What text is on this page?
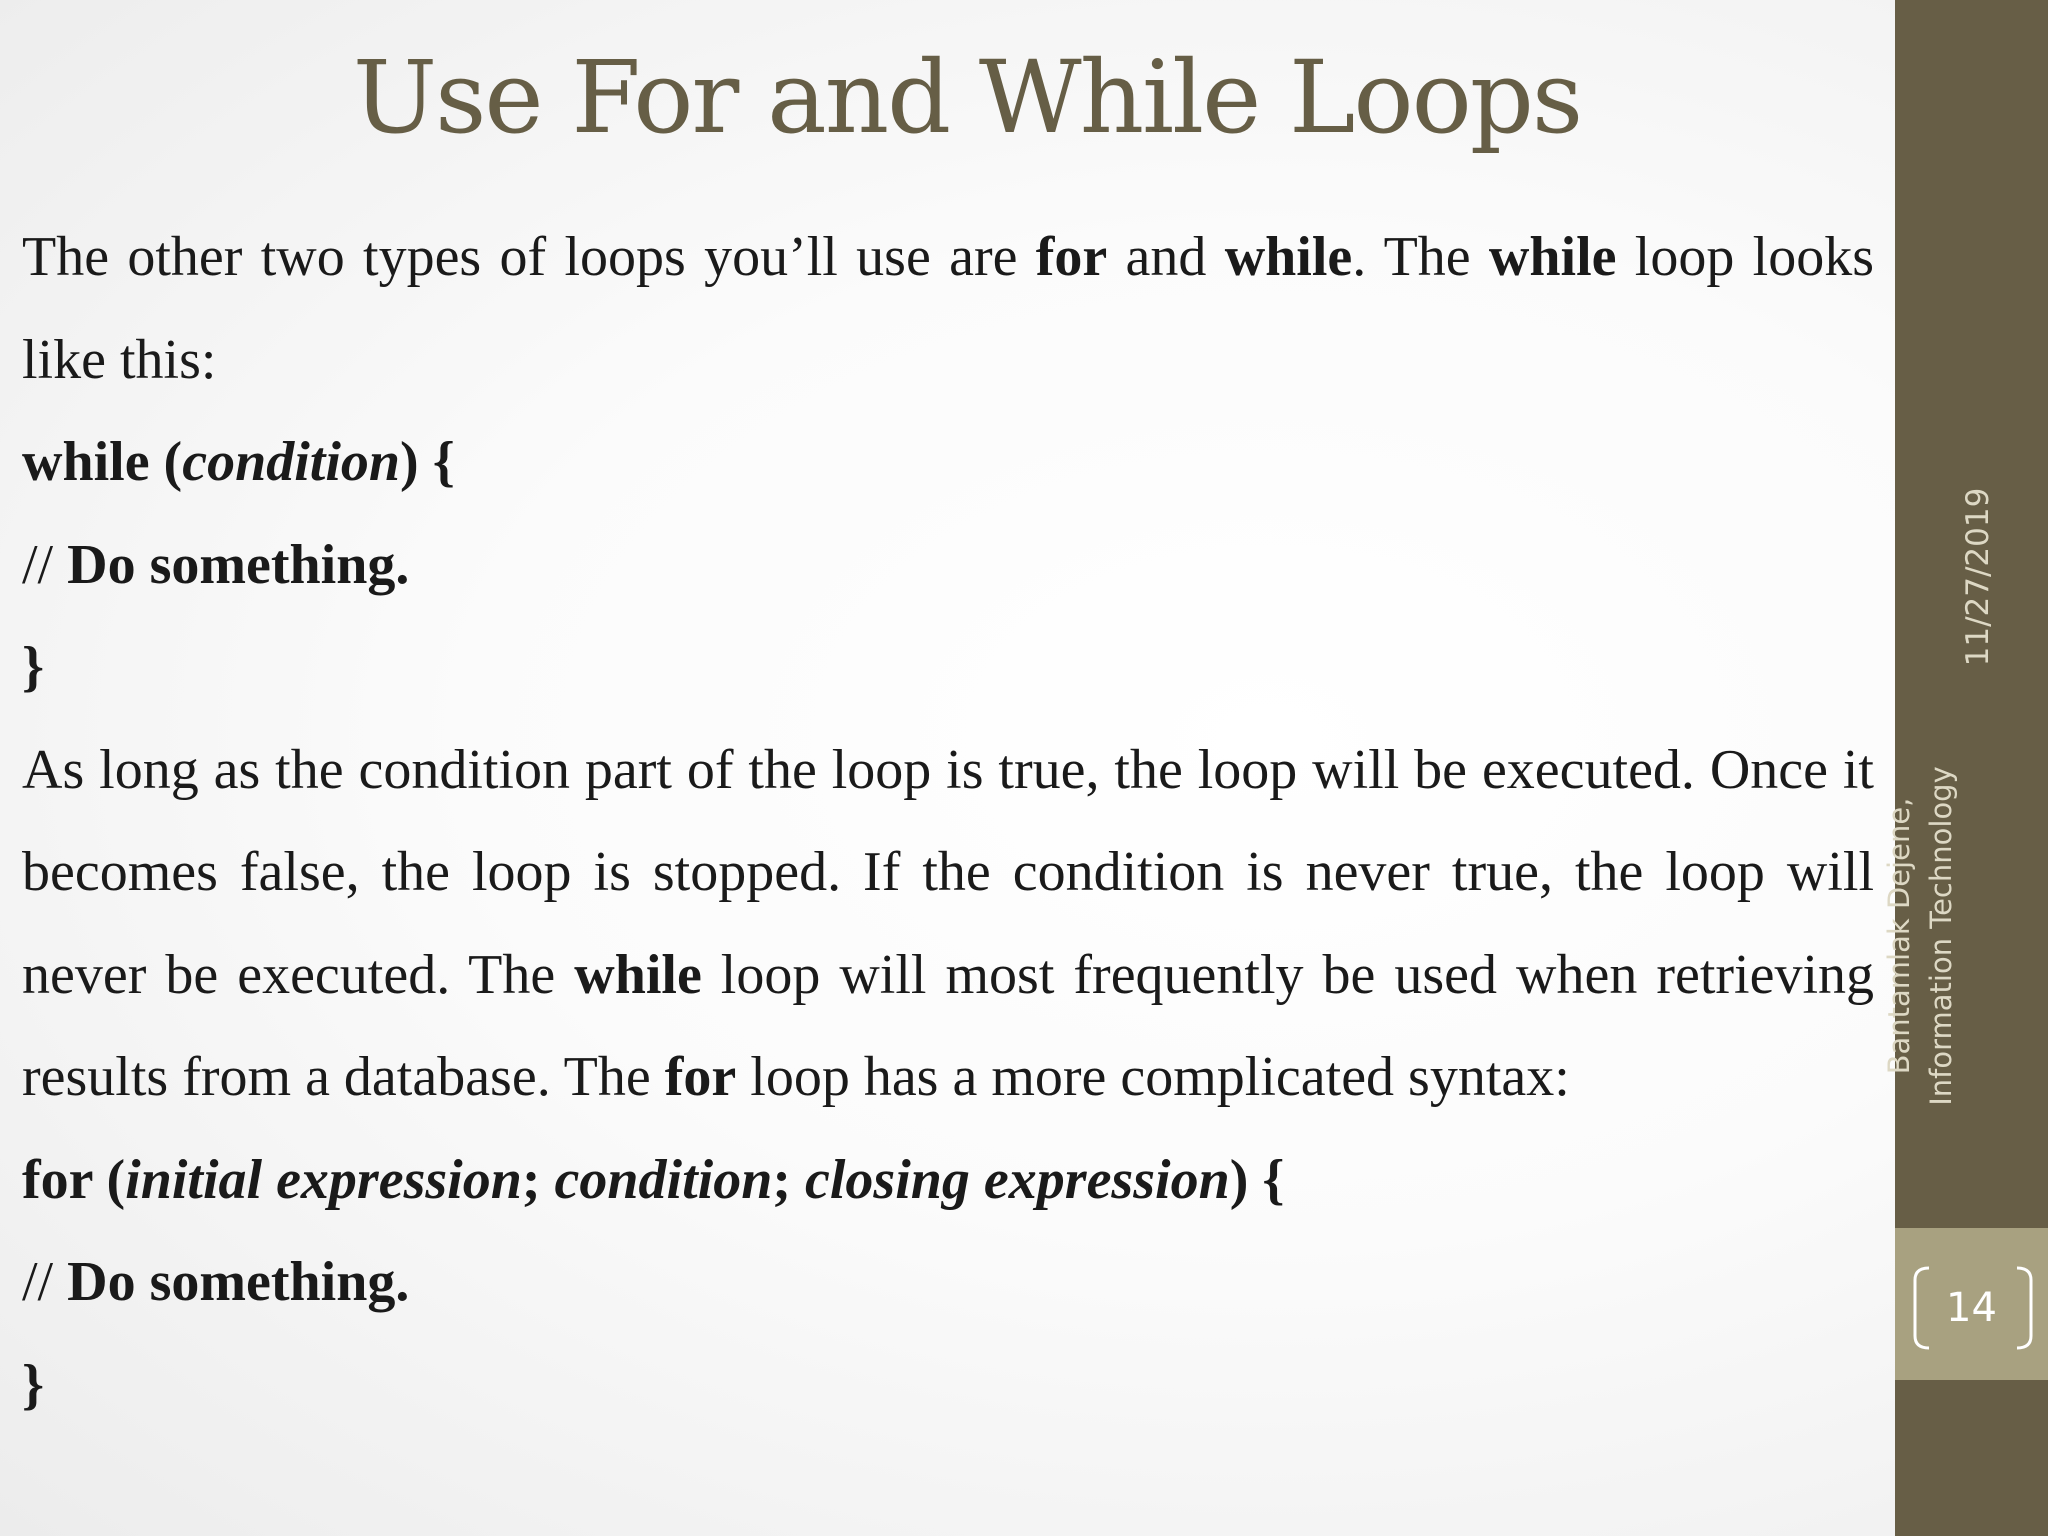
Use For and While Loops

The other two types of loops you’ll use are for and while. The while loop looks like this:

while (condition) {

// Do something.

}

As long as the condition part of the loop is true, the loop will be executed. Once it becomes false, the loop is stopped. If the condition is never true, the loop will never be executed. The while loop will most frequently be used when retrieving results from a database. The for loop has a more complicated syntax:

for (initial expression; condition; closing expression) {

// Do something.

}

11/27/2019
Bantamlak Dejene, Information Technology
14
